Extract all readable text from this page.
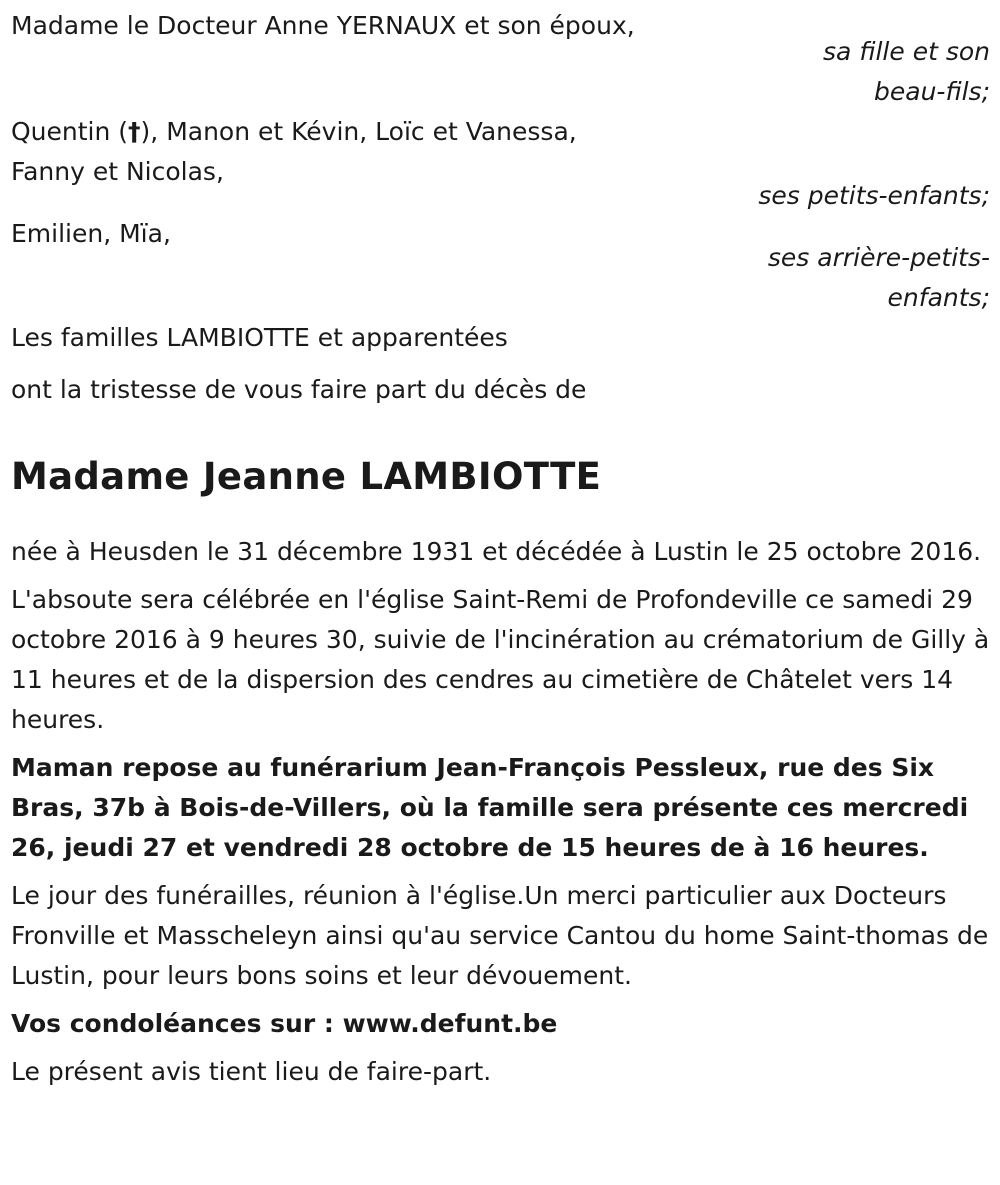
Madame le Docteur Anne YERNAUX et son époux,
sa fille et son
beau-fils;
Quentin (†), Manon et Kévin, Loïc et Vanessa,
Fanny et Nicolas,
ses petits-enfants;
Emilien, Mïa,
ses arrière-petits-
enfants;
Les familles LAMBIOTTE et apparentées

ont la tristesse de vous faire part du décès de

Madame Jeanne LAMBIOTTE

née à Heusden le 31 décembre 1931 et décédée à Lustin le 25 octobre 2016.

L'absoute sera célébrée en l'église Saint-Remi de Profondeville ce samedi 29 octobre 2016 à 9 heures 30, suivie de l'incinération au crématorium de Gilly à 11 heures et de la dispersion des cendres au cimetière de Châtelet vers 14 heures.

Maman repose au funérarium Jean-François Pessleux, rue des Six Bras, 37b à Bois-de-Villers, où la famille sera présente ces mercredi 26, jeudi 27 et vendredi 28 octobre de 15 heures de à 16 heures.

Le jour des funérailles, réunion à l'église.Un merci particulier aux Docteurs Fronville et Masscheleyn ainsi qu'au service Cantou du home Saint-thomas de Lustin, pour leurs bons soins et leur dévouement.

Vos condoléances sur : www.defunt.be

Le présent avis tient lieu de faire-part.
